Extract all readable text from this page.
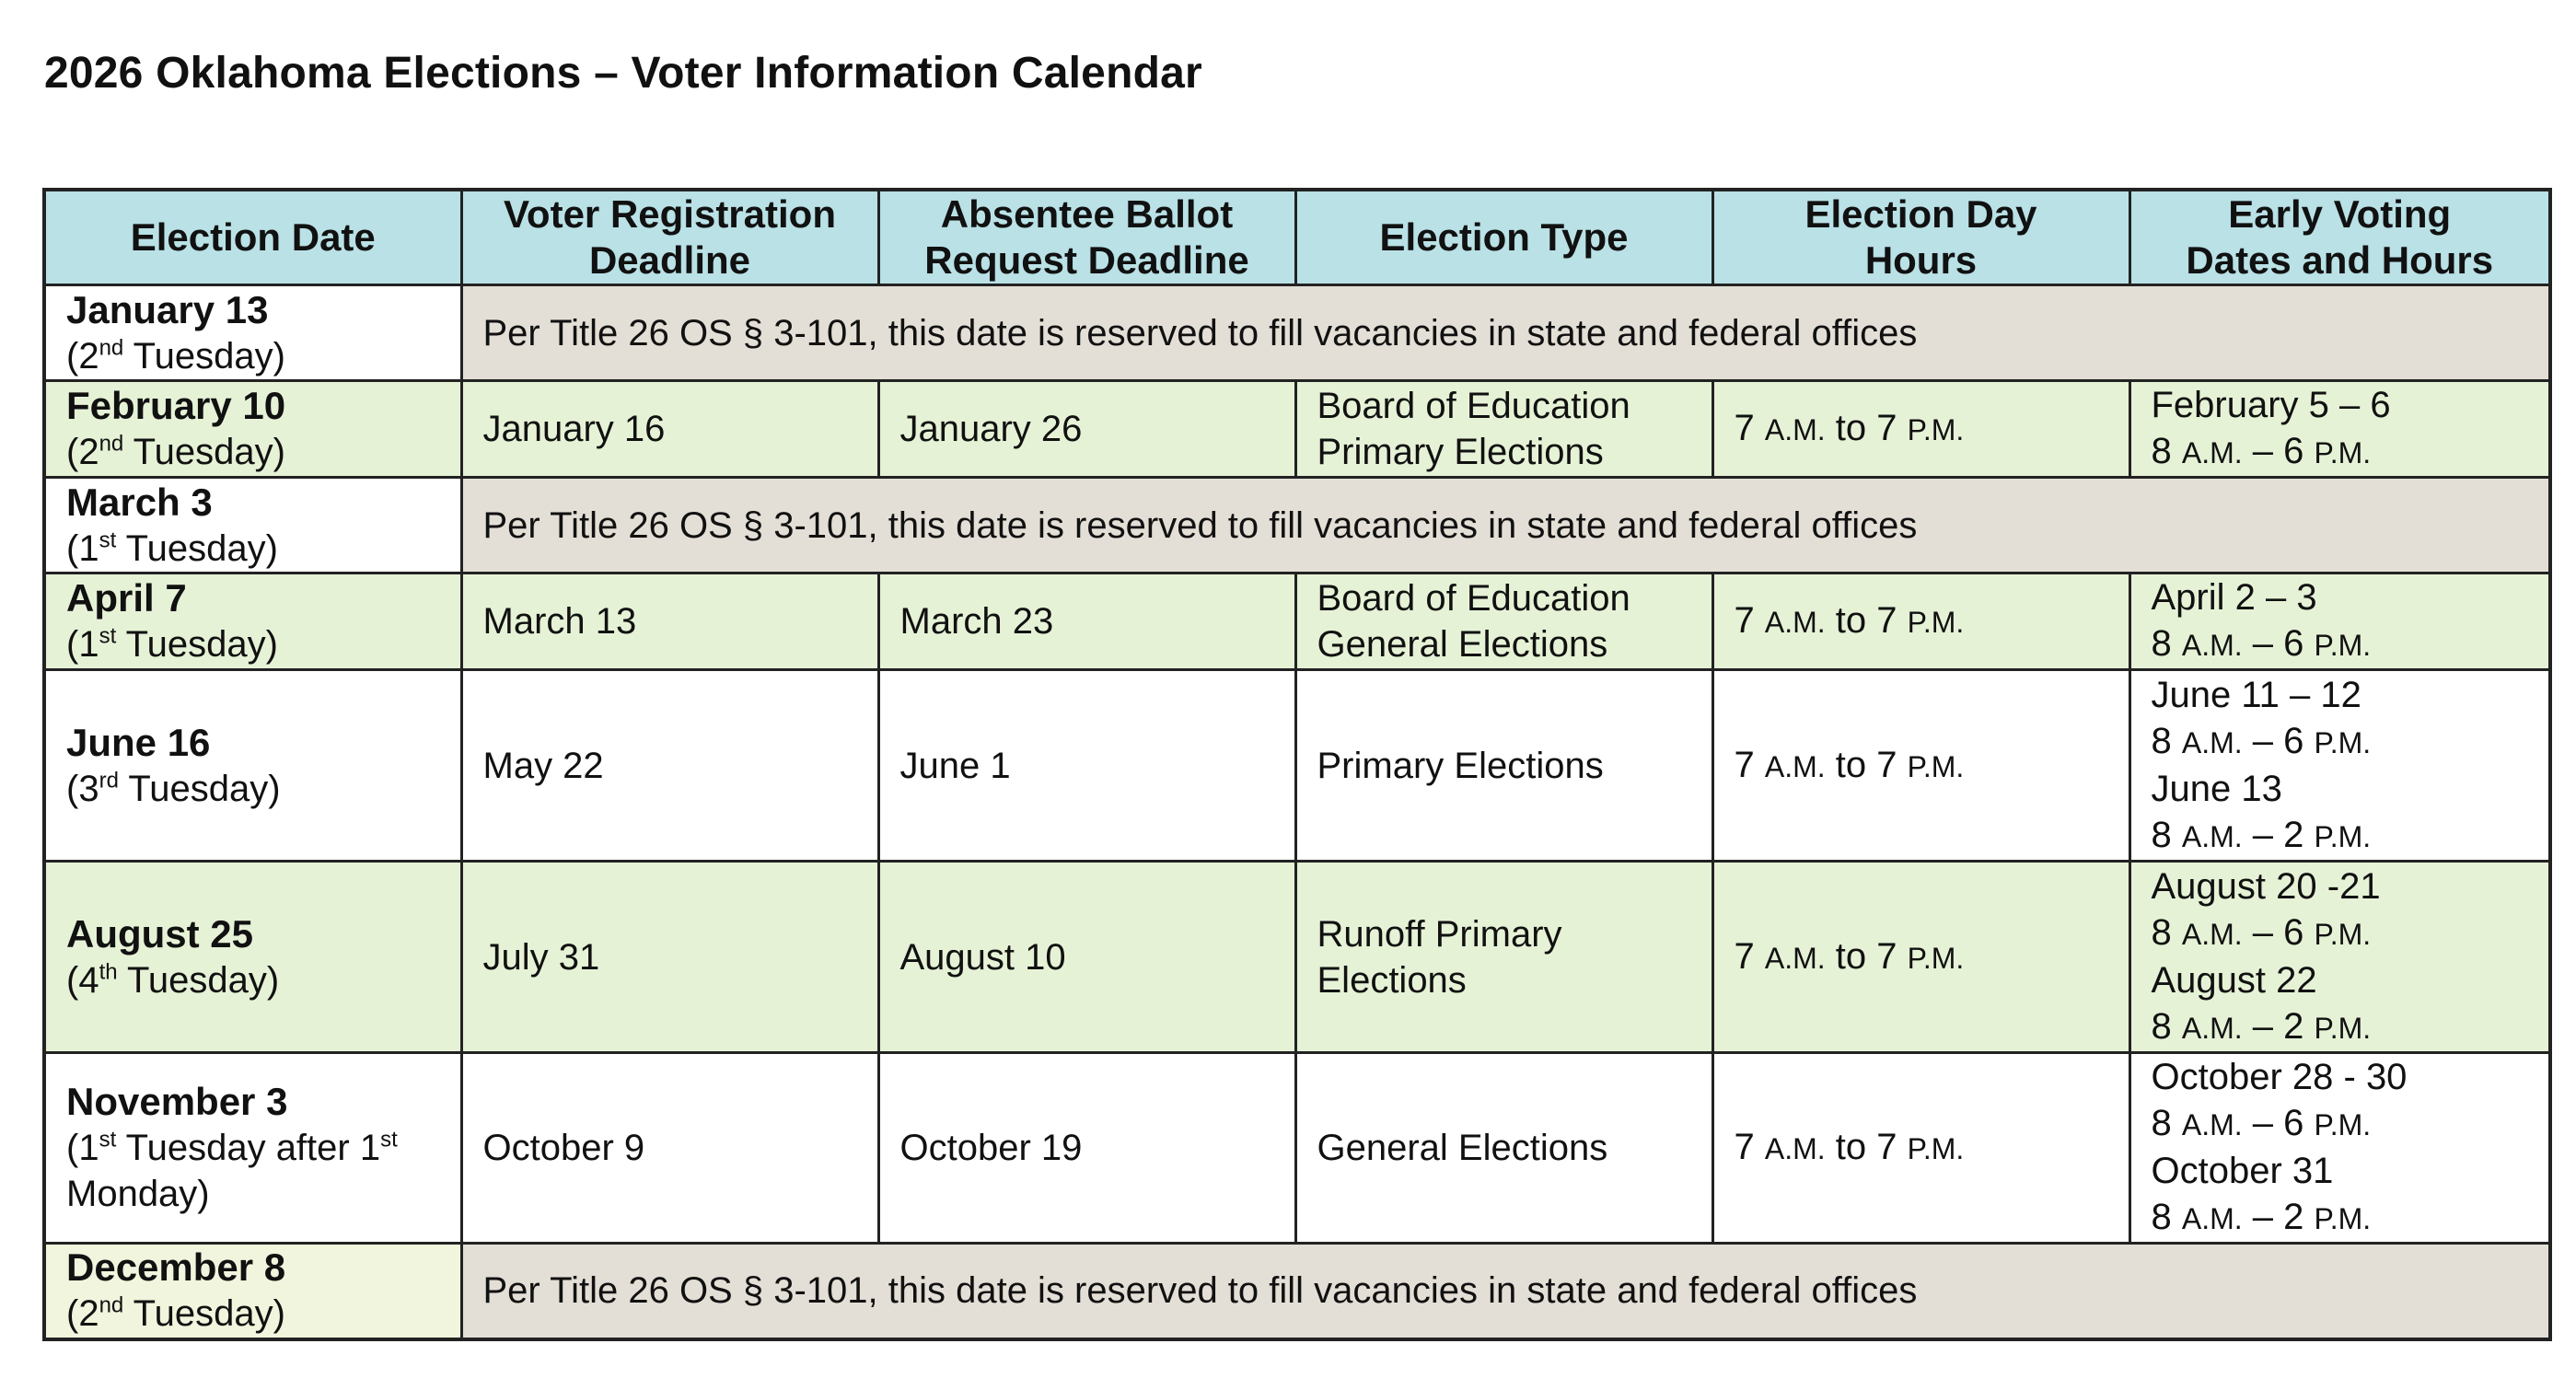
2026 Oklahoma Elections – Voter Information Calendar
Election Date	Voter Registration
Deadline	Absentee Ballot
Request Deadline	Election Type	Election Day
Hours	Early Voting
Dates and Hours

January 13
(2nd Tuesday)	Per Title 26 OS § 3-101, this date is reserved to fill vacancies in state and federal offices				

February 10
(2nd Tuesday)	January 16	January 26	Board of Education
Primary Elections	7 A.M. to 7 P.M.	February 5 – 6
8 A.M. – 6 P.M.

March 3
(1st Tuesday)	Per Title 26 OS § 3-101, this date is reserved to fill vacancies in state and federal offices				

April 7
(1st Tuesday)	March 13	March 23	Board of Education
General Elections	7 A.M. to 7 P.M.	April 2 – 3
8 A.M. – 6 P.M.

June 16
(3rd Tuesday)	May 22	June 1	Primary Elections	7 A.M. to 7 P.M.	June 11 – 12
8 A.M. – 6 P.M.
June 13
8 A.M. – 2 P.M.

August 25
(4th Tuesday)	July 31	August 10	Runoff Primary
Elections	7 A.M. to 7 P.M.	August 20 -21
8 A.M. – 6 P.M.
August 22
8 A.M. – 2 P.M.

November 3
(1st Tuesday after 1st
Monday)	October 9	October 19	General Elections	7 A.M. to 7 P.M.	October 28 - 30
8 A.M. – 6 P.M.
October 31
8 A.M. – 2 P.M.

December 8
(2nd Tuesday)	Per Title 26 OS § 3-101, this date is reserved to fill vacancies in state and federal offices				
